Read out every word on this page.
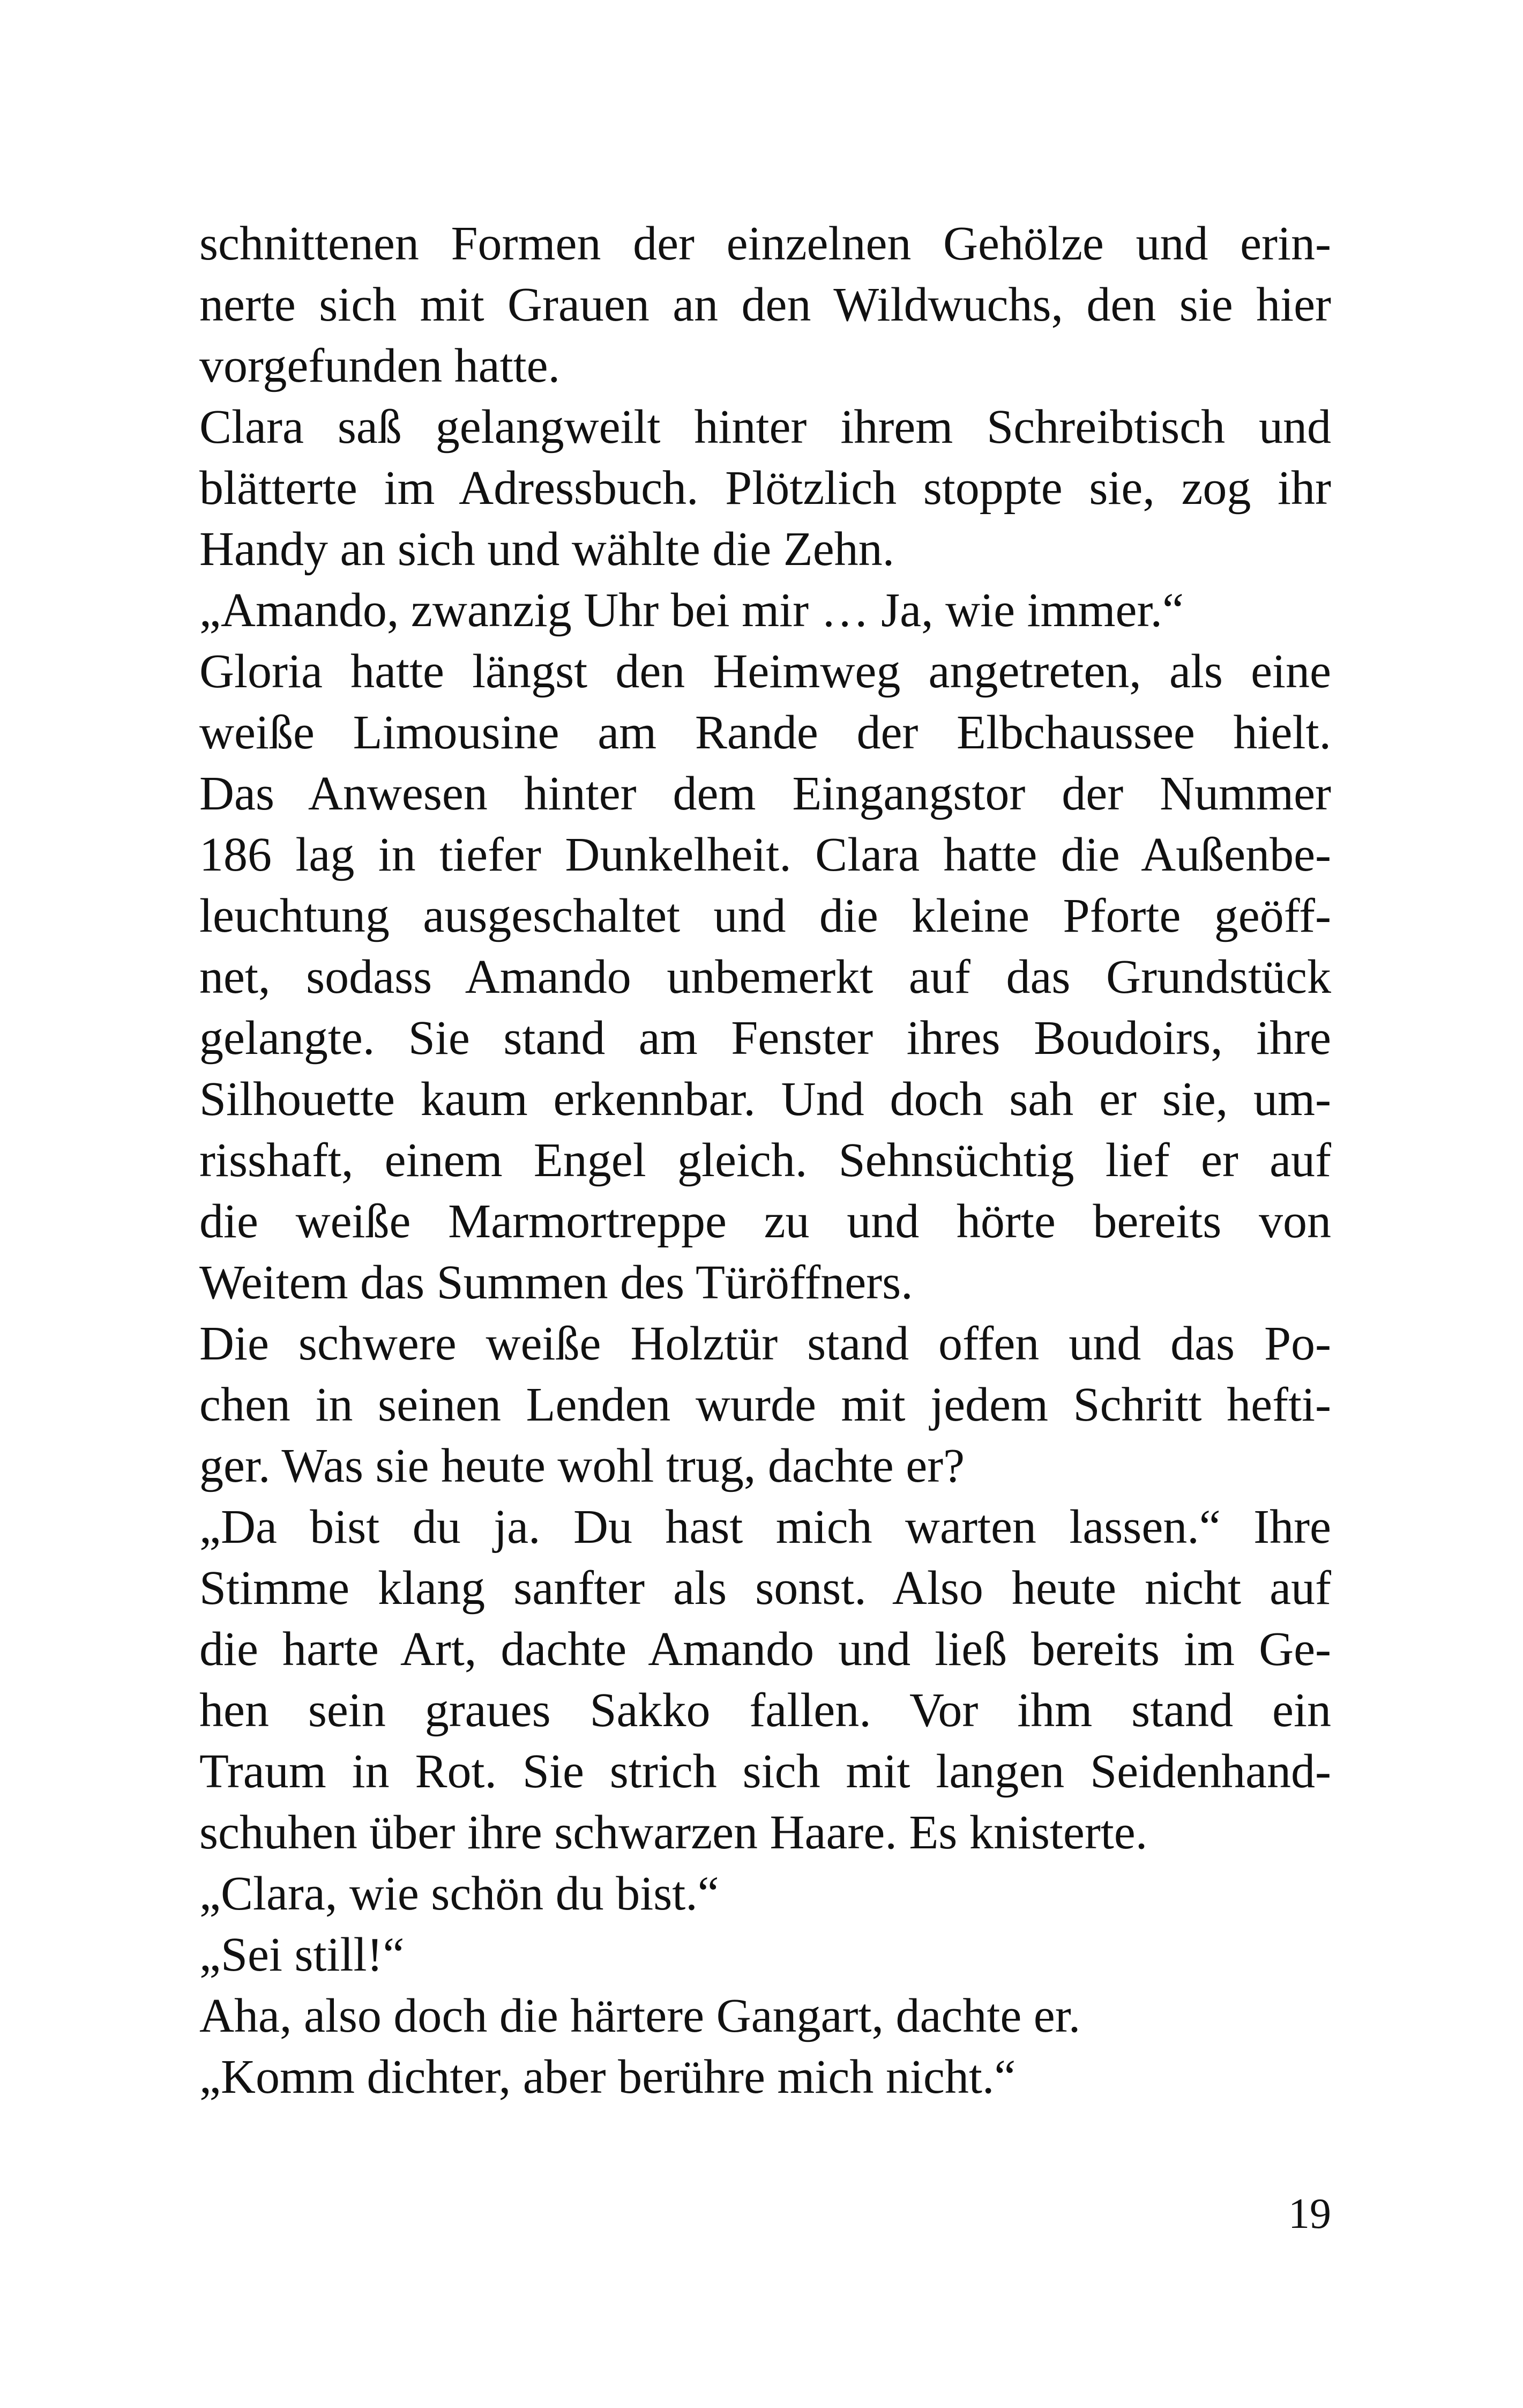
schnittenen Formen der einzelnen Gehölze und erin-
nerte sich mit Grauen an den Wildwuchs, den sie hier
vorgefunden hatte.
Clara saß gelangweilt hinter ihrem Schreibtisch und
blätterte im Adressbuch. Plötzlich stoppte sie, zog ihr
Handy an sich und wählte die Zehn.
„Amando, zwanzig Uhr bei mir … Ja, wie immer.“
Gloria hatte längst den Heimweg angetreten, als eine
weiße Limousine am Rande der Elbchaussee hielt.
Das Anwesen hinter dem Eingangstor der Nummer
186 lag in tiefer Dunkelheit. Clara hatte die Außenbe-
leuchtung ausgeschaltet und die kleine Pforte geöff-
net, sodass Amando unbemerkt auf das Grundstück
gelangte. Sie stand am Fenster ihres Boudoirs, ihre
Silhouette kaum erkennbar. Und doch sah er sie, um-
risshaft, einem Engel gleich. Sehnsüchtig lief er auf
die weiße Marmortreppe zu und hörte bereits von
Weitem das Summen des Türöffners.
Die schwere weiße Holztür stand offen und das Po-
chen in seinen Lenden wurde mit jedem Schritt hefti-
ger. Was sie heute wohl trug, dachte er?
„Da bist du ja. Du hast mich warten lassen.“ Ihre
Stimme klang sanfter als sonst. Also heute nicht auf
die harte Art, dachte Amando und ließ bereits im Ge-
hen sein graues Sakko fallen. Vor ihm stand ein
Traum in Rot. Sie strich sich mit langen Seidenhand-
schuhen über ihre schwarzen Haare. Es knisterte.
„Clara, wie schön du bist.“
„Sei still!“
Aha, also doch die härtere Gangart, dachte er.
„Komm dichter, aber berühre mich nicht.“
19
